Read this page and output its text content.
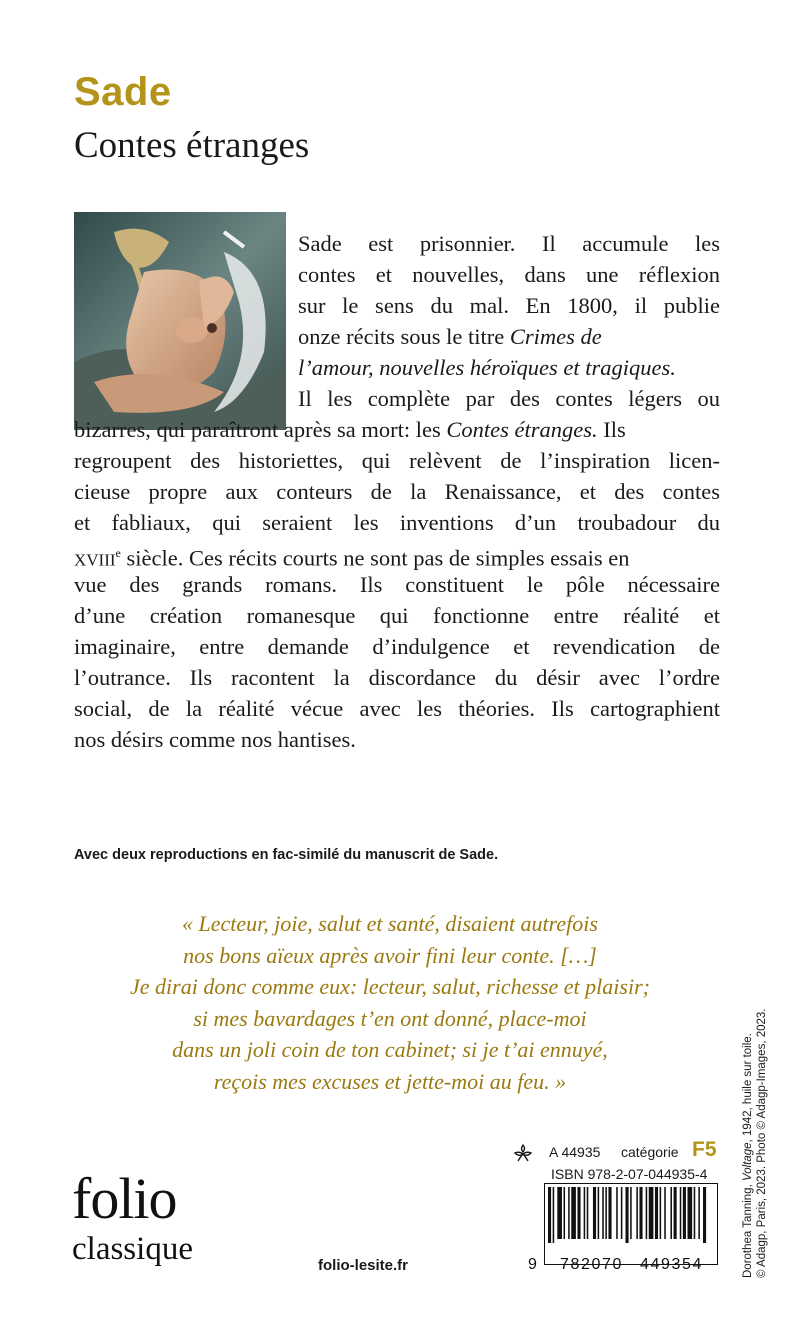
Sade
Contes étranges
Sade est prisonnier. Il accumule les
contes et nouvelles, dans une réflexion
sur le sens du mal. En 1800, il publie
onze récits sous le titre Crimes de
l’amour, nouvelles héroïques et tragiques.
Il les complète par des contes légers ou
bizarres, qui paraîtront après sa mort: les Contes étranges. Ils
regroupent des historiettes, qui relèvent de l’inspiration licen-
cieuse propre aux conteurs de la Renaissance, et des contes
et fabliaux, qui seraient les inventions d’un troubadour du
XVIIIe siècle. Ces récits courts ne sont pas de simples essais en
vue des grands romans. Ils constituent le pôle nécessaire
d’une création romanesque qui fonctionne entre réalité et
imaginaire, entre demande d’indulgence et revendication de
l’outrance. Ils racontent la discordance du désir avec l’ordre
social, de la réalité vécue avec les théories. Ils cartographient
nos désirs comme nos hantises.
Avec deux reproductions en fac-similé du manuscrit de Sade.
« Lecteur, joie, salut et santé, disaient autrefois
nos bons aïeux après avoir fini leur conte. […]
Je dirai donc comme eux: lecteur, salut, richesse et plaisir;
si mes bavardages t’en ont donné, place-moi
dans un joli coin de ton cabinet; si je t’ai ennuyé,
reçois mes excuses et jette-moi au feu. »
Dorothea Tanning, Voltage, 1942, huile sur toile. © Adagp, Paris, 2023. Photo © Adagp-Images, 2023.
folio
classique	folio-lesite.fr
A 44935 catégorie F5
ISBN 978-2-07-044935-4
9 782070 449354
